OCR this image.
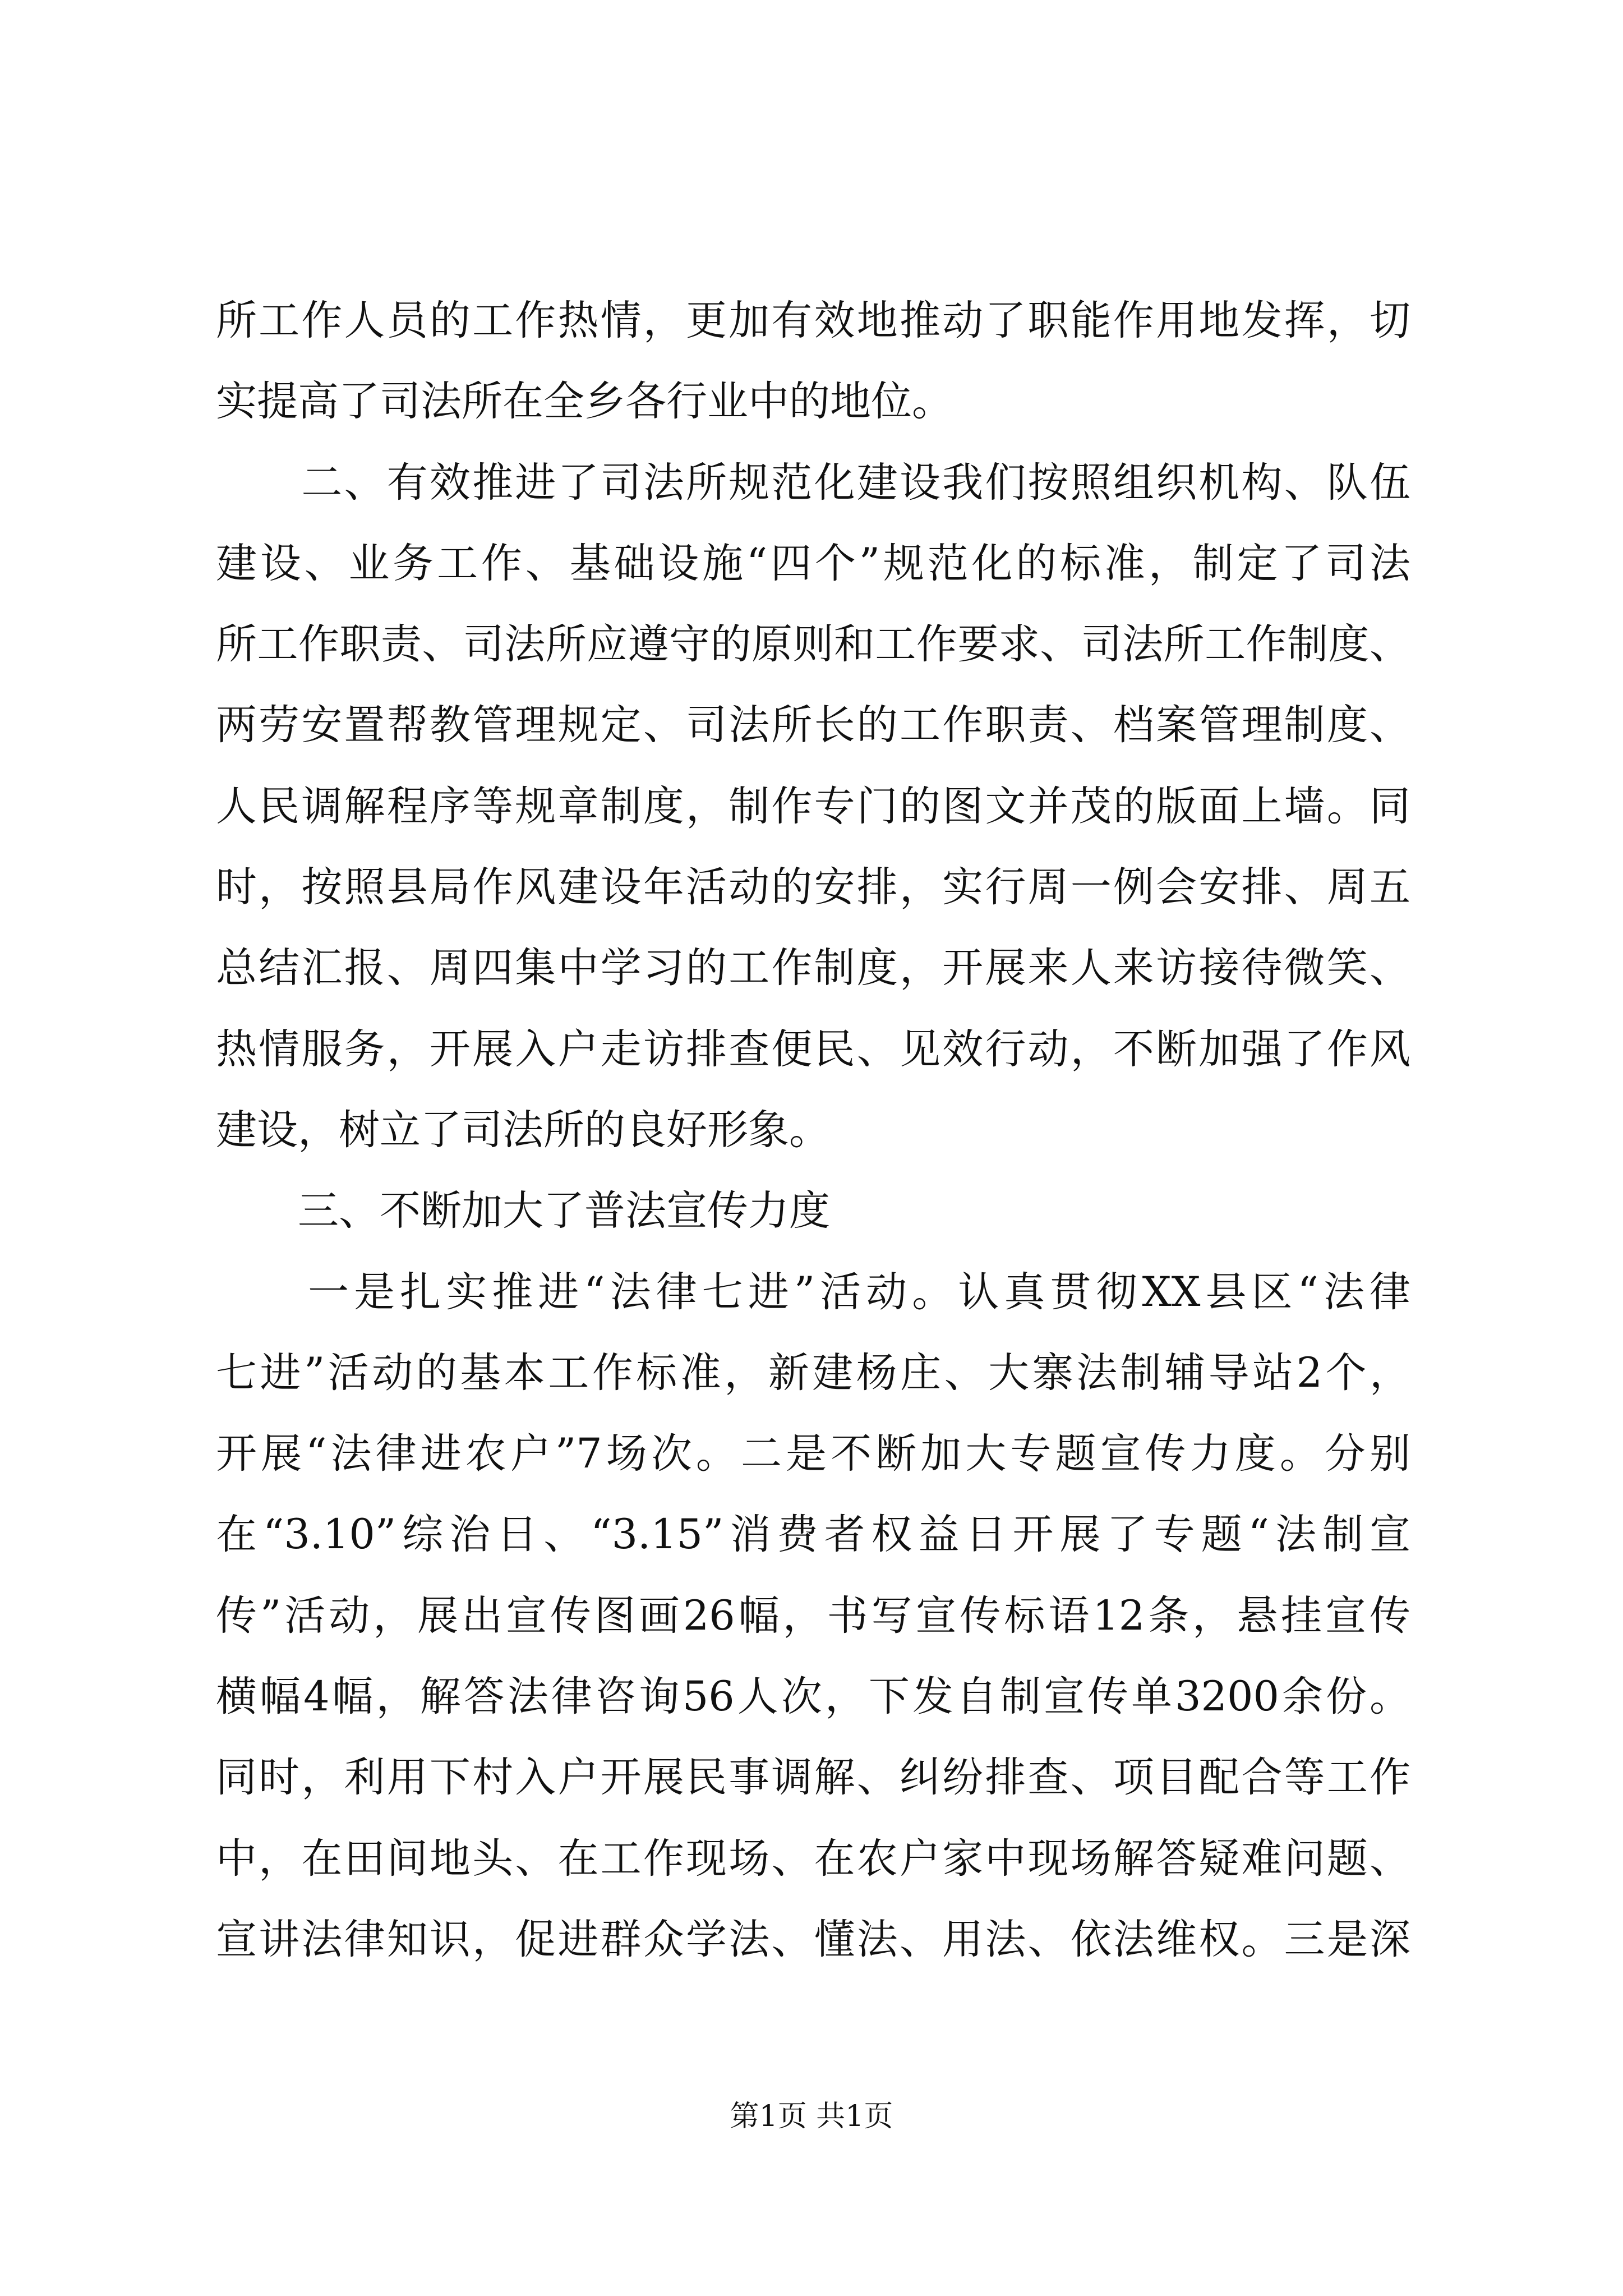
所工作人员的工作热情，更加有效地推动了职能作用地发挥，切
实提高了司法所在全乡各行业中的地位。
　　二、有效推进了司法所规范化建设我们按照组织机构、队伍
建设、业务工作、基础设施“四个”规范化的标准，制定了司法
所工作职责、司法所应遵守的原则和工作要求、司法所工作制度、
两劳安置帮教管理规定、司法所长的工作职责、档案管理制度、
人民调解程序等规章制度，制作专门的图文并茂的版面上墙。同
时，按照县局作风建设年活动的安排，实行周一例会安排、周五
总结汇报、周四集中学习的工作制度，开展来人来访接待微笑、
热情服务，开展入户走访排查便民、见效行动，不断加强了作风
建设，树立了司法所的良好形象。
　　三、不断加大了普法宣传力度
　　一是扎实推进“法律七进”活动。认真贯彻XX县区“法律
七进”活动的基本工作标准，新建杨庄、大寨法制辅导站2个，
开展“法律进农户”7场次。二是不断加大专题宣传力度。分别
在“3.10”综治日、“3.15”消费者权益日开展了专题“法制宣
传”活动，展出宣传图画26幅，书写宣传标语12条，悬挂宣传
横幅4幅，解答法律咨询56人次，下发自制宣传单3200余份。
同时，利用下村入户开展民事调解、纠纷排查、项目配合等工作
中，在田间地头、在工作现场、在农户家中现场解答疑难问题、
宣讲法律知识，促进群众学法、懂法、用法、依法维权。三是深
第1页 共1页
